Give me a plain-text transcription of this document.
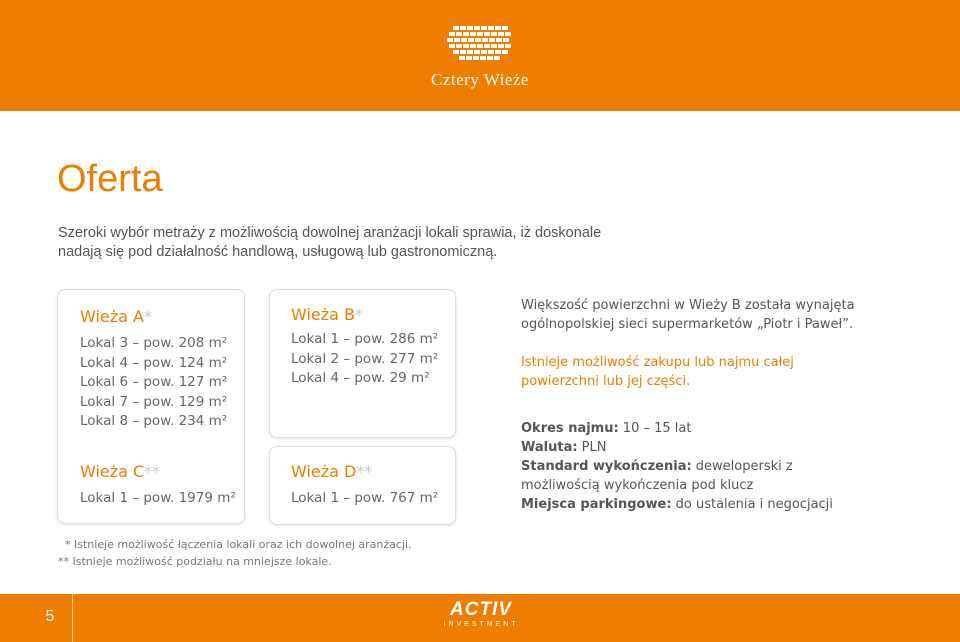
Cztery Wieże
Oferta
Szeroki wybór metraży z możliwością dowolnej aranżacji lokali sprawia, iż doskonale
nadają się pod działalność handlową, usługową lub gastronomiczną.
Wieża A*
Lokal 3 – pow. 208 m²
Lokal 4 – pow. 124 m²
Lokal 6 – pow. 127 m²
Lokal 7 – pow. 129 m²
Lokal 8 – pow. 234 m²
Wieża C**
Lokal 1 – pow. 1979 m²
Wieża B*
Lokal 1 – pow. 286 m²
Lokal 2 – pow. 277 m²
Lokal 4 – pow. 29 m²
Wieża D**
Lokal 1 – pow. 767 m²

Większość powierzchni w Wieży B została wynajęta
ogólnopolskiej sieci supermarketów „Piotr i Paweł”.

Istnieje możliwość zakupu lub najmu całej
powierzchni lub jej części.

Okres najmu: 10 – 15 lat
Waluta: PLN
Standard wykończenia: deweloperski z
możliwością wykończenia pod klucz
Miejsca parkingowe: do ustalenia i negocjacji
* Istnieje możliwość łączenia lokali oraz ich dowolnej aranżacji.
** Istnieje możliwość podziału na mniejsze lokale.
5	ACTIV
INVESTMENT
